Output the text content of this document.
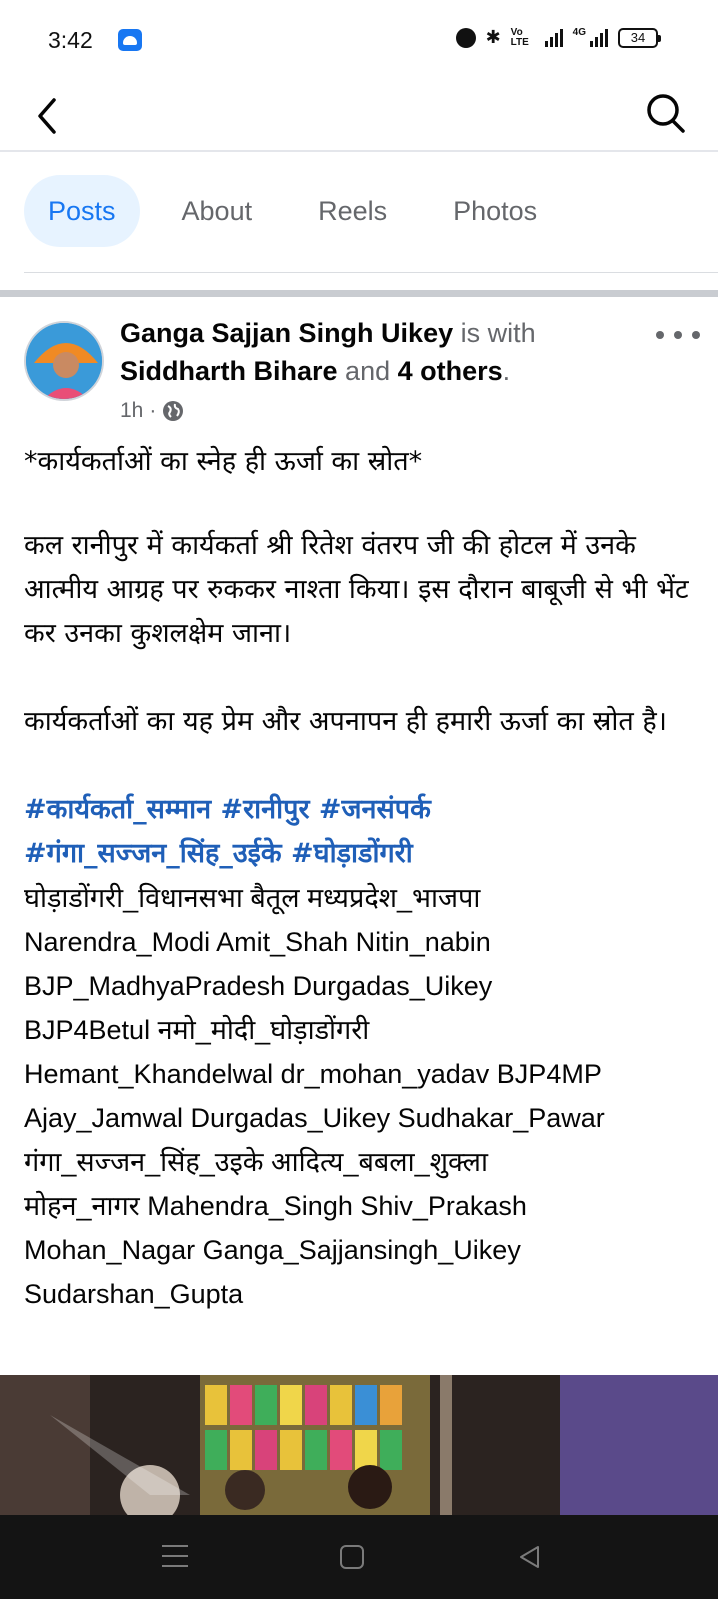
3:42	✱ Vo LTE
4G	34
Posts	About	Reels	Photos
Ganga Sajjan Singh Uikey is with Siddharth Bihare and 4 others.
1h ·

*कार्यकर्ताओं का स्नेह ही ऊर्जा का स्रोत*

कल रानीपुर में कार्यकर्ता श्री रितेश वंतरप जी की होटल में उनके आत्मीय आग्रह पर रुककर नाश्ता किया। इस दौरान बाबूजी से भी भेंट कर उनका कुशलक्षेम जाना।

कार्यकर्ताओं का यह प्रेम और अपनापन ही हमारी ऊर्जा का स्रोत है।

#कार्यकर्ता_सम्मान #रानीपुर #जनसंपर्क

#गंगा_सज्जन_सिंह_उईके #घोड़ाडोंगरी

घोड़ाडोंगरी_विधानसभा बैतूल मध्यप्रदेश_भाजपा

Narendra_Modi Amit_Shah Nitin_nabin

BJP_MadhyaPradesh Durgadas_Uikey

BJP4Betul नमो_मोदी_घोड़ाडोंगरी

Hemant_Khandelwal dr_mohan_yadav BJP4MP

Ajay_Jamwal Durgadas_Uikey Sudhakar_Pawar

गंगा_सज्जन_सिंह_उइके आदित्य_बबला_शुक्ला

मोहन_नागर Mahendra_Singh Shiv_Prakash

Mohan_Nagar Ganga_Sajjansingh_Uikey

Sudarshan_Gupta
